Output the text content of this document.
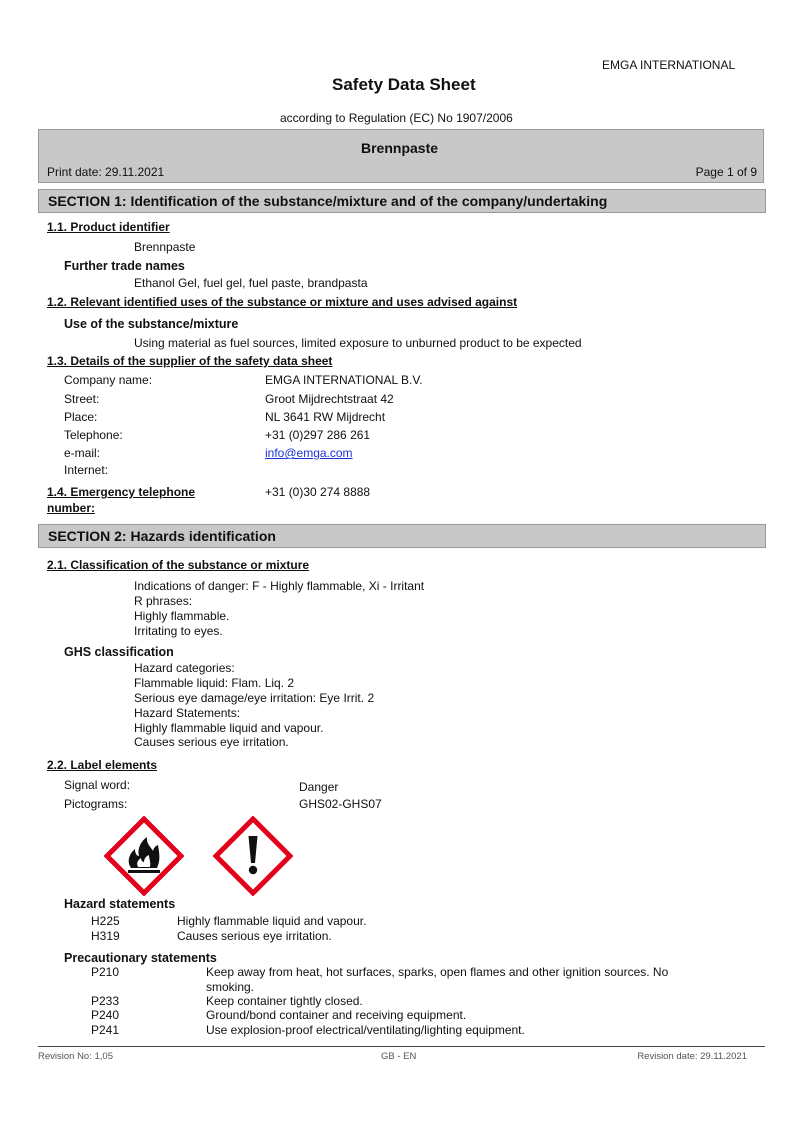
EMGA INTERNATIONAL
Safety Data Sheet
according to Regulation (EC) No 1907/2006
Brennpaste
Print date: 29.11.2021	Page 1 of 9
SECTION 1: Identification of the substance/mixture and of the company/undertaking
1.1. Product identifier
Brennpaste
Further trade names
Ethanol Gel, fuel gel, fuel paste, brandpasta
1.2. Relevant identified uses of the substance or mixture and uses advised against
Use of the substance/mixture
Using material as fuel sources, limited exposure to unburned product to be expected
1.3. Details of the supplier of the safety data sheet
Company name:	EMGA INTERNATIONAL B.V.
Street:	Groot Mijdrechtstraat 42
Place:	NL 3641 RW Mijdrecht
Telephone:	+31 (0)297 286 261
e-mail:	info@emga.com
Internet:
1.4. Emergency telephone
number:
+31 (0)30 274 8888
SECTION 2: Hazards identification
2.1. Classification of the substance or mixture
Indications of danger: F - Highly flammable, Xi - Irritant
R phrases:
Highly flammable.
Irritating to eyes.
GHS classification
Hazard categories:
Flammable liquid: Flam. Liq. 2
Serious eye damage/eye irritation: Eye Irrit. 2
Hazard Statements:
Highly flammable liquid and vapour.
Causes serious eye irritation.
2.2. Label elements
Signal word:	Danger
Pictograms:	GHS02-GHS07
Hazard statements
H225	Highly flammable liquid and vapour.
H319	Causes serious eye irritation.
Precautionary statements
P210	Keep away from heat, hot surfaces, sparks, open flames and other ignition sources. No
smoking.
P233	Keep container tightly closed.
P240	Ground/bond container and receiving equipment.
P241	Use explosion-proof electrical/ventilating/lighting equipment.
Revision No: 1,05	GB - EN	Revision date: 29.11.2021
